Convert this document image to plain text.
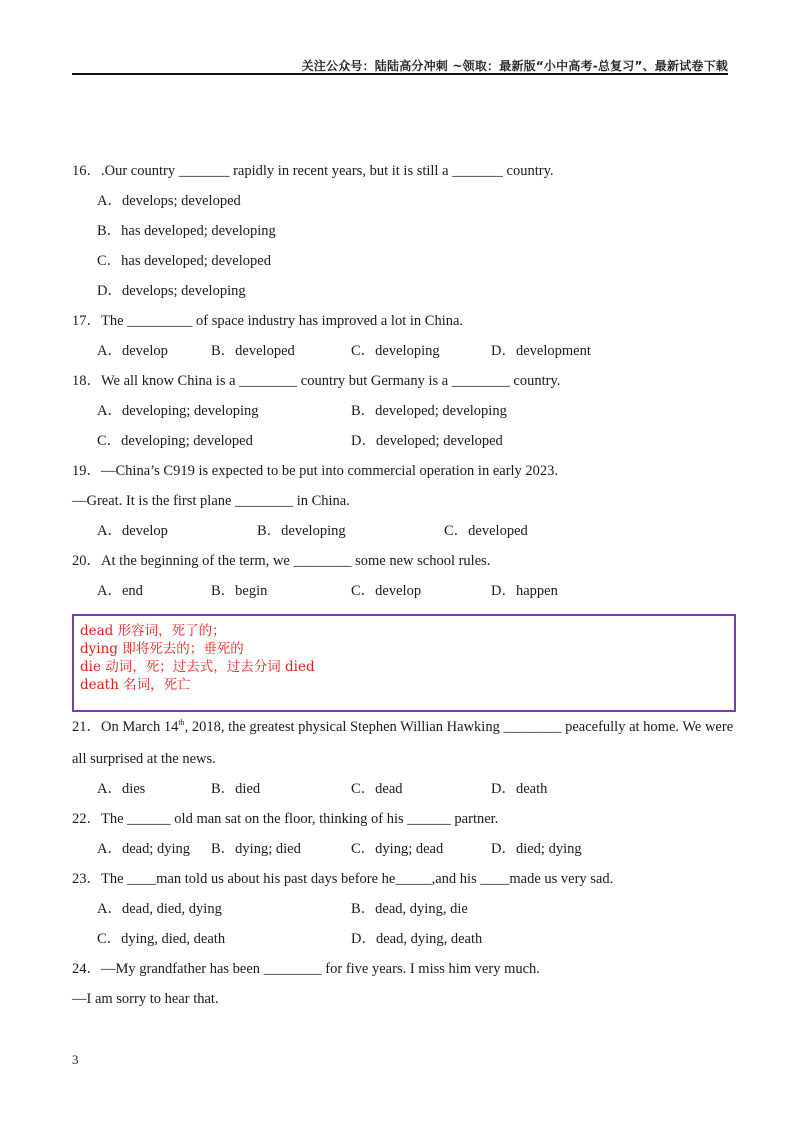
关注公众号：陆陆高分冲刺 ~领取：最新版“小中高考-总复习”、最新试卷下载
16．.Our country _______ rapidly in recent years, but it is still a _______ country.
A．develops; developed
B．has developed; developing
C．has developed; developed
D．develops; developing
17．The _________ of space industry has improved a lot in China.
A．develop	B．developed	C．developing	D．development
18．We all know China is a ________ country but Germany is a ________ country.
A．developing; developing	B．developed; developing
C．developing; developed	D．developed; developed
19．—China’s C919 is expected to be put into commercial operation in early 2023.
—Great. It is the first plane ________ in China.
A．develop	B．developing	C．developed
20．At the beginning of the term, we ________ some new school rules.
A．end	B．begin	C．develop	D．happen
dead 形容词，死了的；
dying 即将死去的；垂死的
die 动词，死；过去式，过去分词 died
death 名词，死亡
21．On March 14th, 2018, the greatest physical Stephen Willian Hawking ________ peacefully at home. We were
all surprised at the news.
A．dies	B．died	C．dead	D．death
22．The ______ old man sat on the floor, thinking of his ______ partner.
A．dead; dying B．dying; died	C．dying; dead	D．died; dying
23．The ____man told us about his past days before he_____,and his ____made us very sad.
A．dead, died, dying	B．dead, dying, die
C．dying, died, death	D．dead, dying, death
24．—My grandfather has been ________ for five years. I miss him very much.
—I am sorry to hear that.
3
